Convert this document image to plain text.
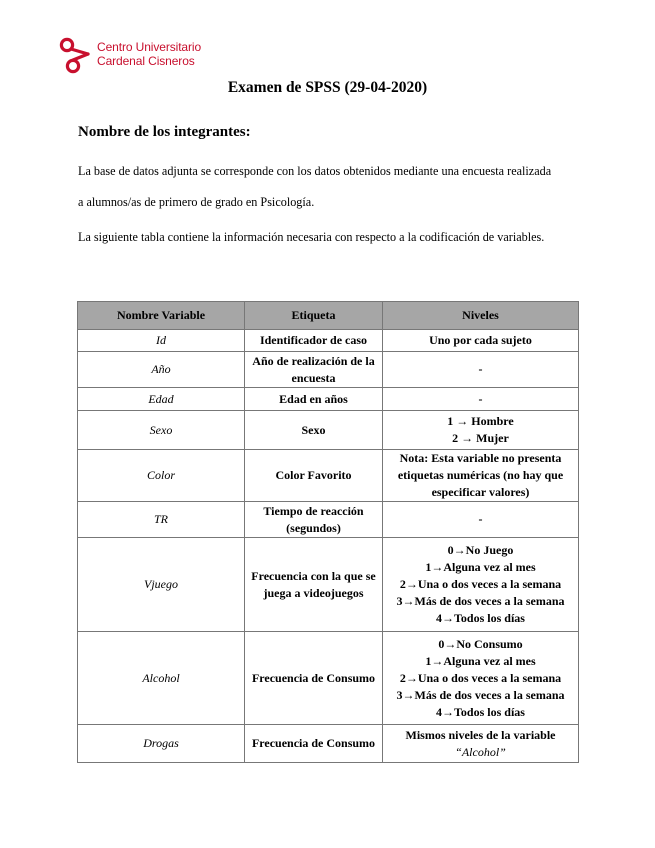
Centro Universitario
Cardenal Cisneros
Examen de SPSS (29-04-2020)
Nombre de los integrantes:
La base de datos adjunta se corresponde con los datos obtenidos mediante una encuesta realizada
a alumnos/as de primero de grado en Psicología.
La siguiente tabla contiene la información necesaria con respecto a la codificación de variables.
Nombre Variable	Etiqueta	Niveles
Id	Identificador de caso	Uno por cada sujeto

Año	Año de realización de la encuesta	-

Edad	Edad en años	-

Sexo	Sexo	1 → Hombre
2 → Mujer

Color	Color Favorito	Nota: Esta variable no presenta etiquetas numéricas (no hay que especificar valores)

TR	Tiempo de reacción (segundos)	-

Vjuego	Frecuencia con la que se juega a videojuegos	0→No Juego
1→Alguna vez al mes
2→Una o dos veces a la semana
3→Más de dos veces a la semana
4→Todos los días

Alcohol	Frecuencia de Consumo	0→No Consumo
1→Alguna vez al mes
2→Una o dos veces a la semana
3→Más de dos veces a la semana
4→Todos los días

Drogas	Frecuencia de Consumo	Mismos niveles de la variable
“Alcohol”
